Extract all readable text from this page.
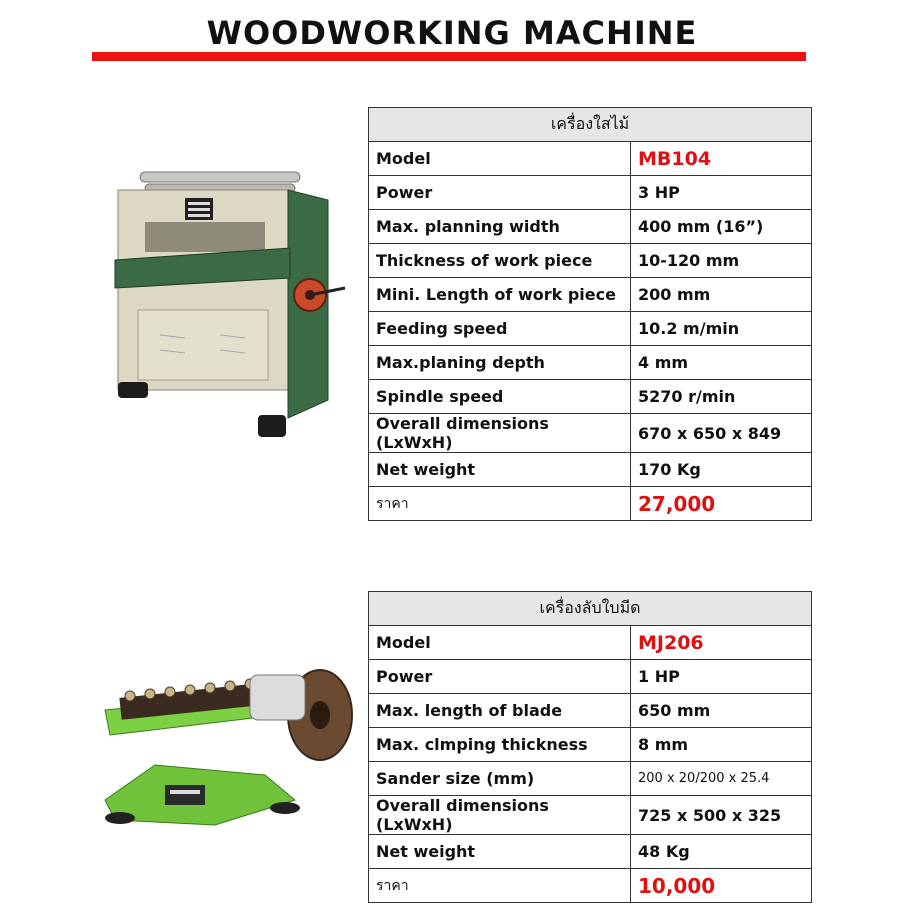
WOODWORKING MACHINE
เครื่องใสไม้	
Model	MB104
Power	3 HP
Max. planning width	400 mm (16”)
Thickness of work piece	10-120 mm
Mini. Length of work piece	200 mm
Feeding speed	10.2 m/min
Max.planing depth	4 mm
Spindle speed	5270 r/min
Overall dimensions (LxWxH)	670 x 650 x 849
Net weight	170 Kg
ราคา	27,000
เครื่องลับใบมีด	
Model	MJ206
Power	1 HP
Max. length of blade	650 mm
Max. clmping thickness	8 mm
Sander size (mm)	200 x 20/200 x 25.4
Overall dimensions (LxWxH)	725 x 500 x 325
Net weight	48 Kg
ราคา	10,000
